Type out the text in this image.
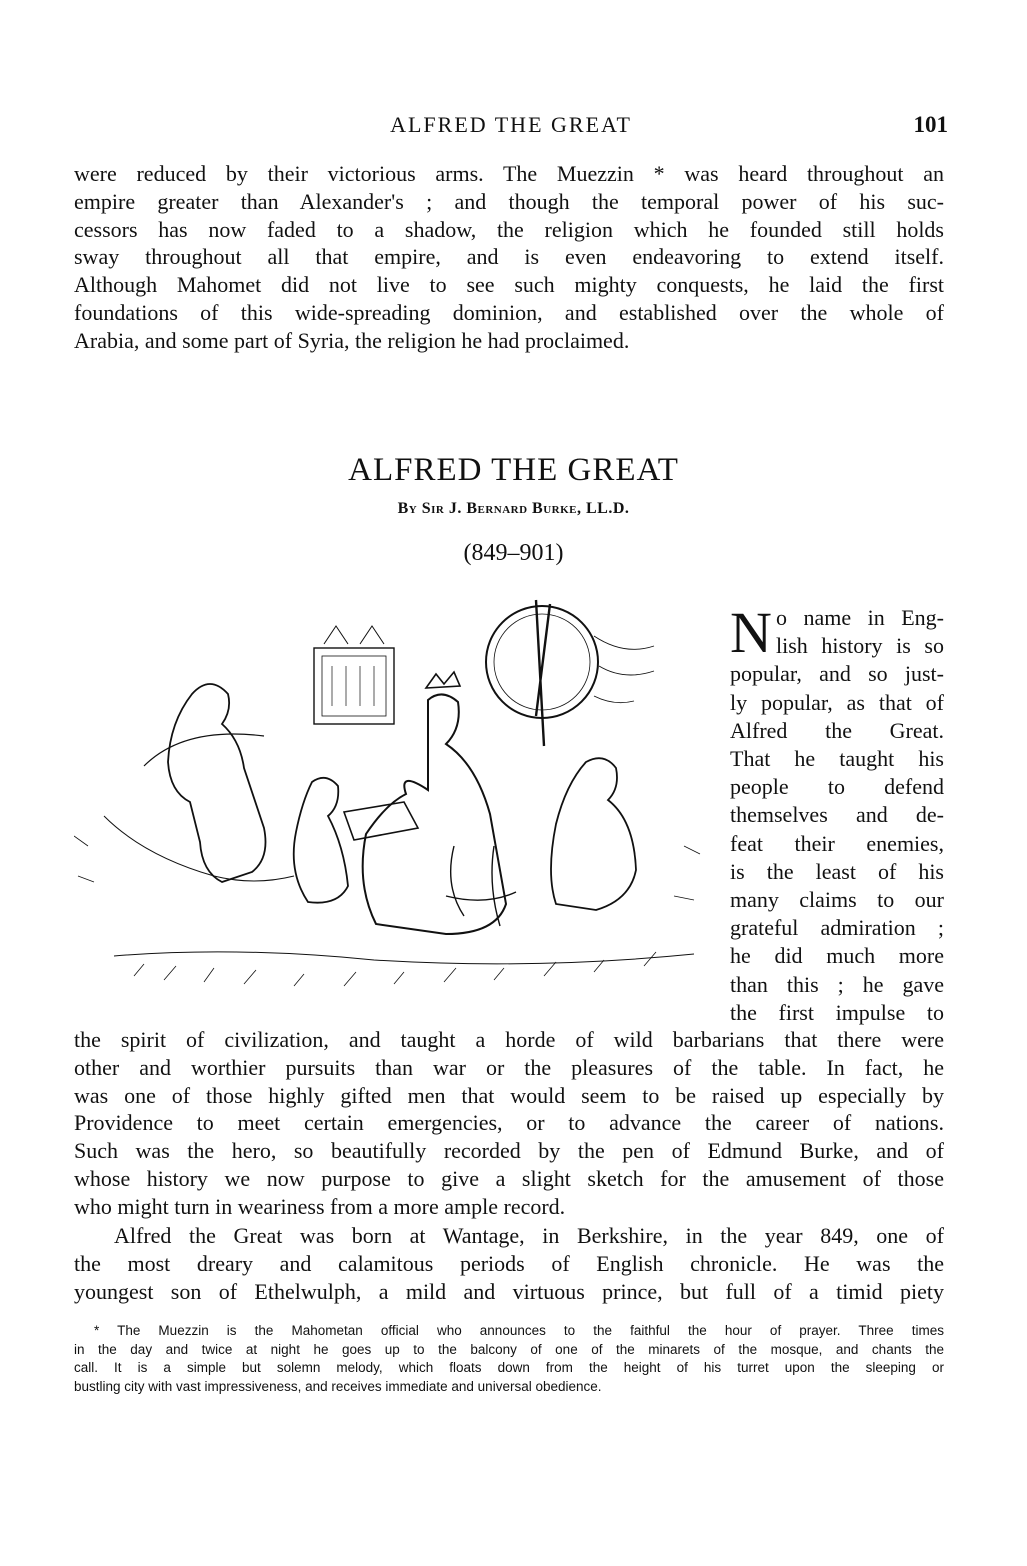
ALFRED THE GREAT	101

were reduced by their victorious arms. The Muezzin * was heard throughout an
empire greater than Alexander's ; and though the temporal power of his suc-
cessors has now faded to a shadow, the religion which he founded still holds
sway throughout all that empire, and is even endeavoring to extend itself.
Although Mahomet did not live to see such mighty conquests, he laid the first
foundations of this wide-spreading dominion, and established over the whole of
Arabia, and some part of Syria, the religion he had proclaimed.

ALFRED THE GREAT
By Sir J. Bernard Burke, LL.D.
(849–901)
N o name in Eng-
lish history is so
popular, and so just-
ly popular, as that of
Alfred the Great.
That he taught his
people to defend
themselves and de-
feat their enemies,
is the least of his
many claims to our
grateful admiration ;
he did much more
than this ; he gave
the first impulse to

the spirit of civilization, and taught a horde of wild barbarians that there were
other and worthier pursuits than war or the pleasures of the table. In fact, he
was one of those highly gifted men that would seem to be raised up especially by
Providence to meet certain emergencies, or to advance the career of nations.
Such was the hero, so beautifully recorded by the pen of Edmund Burke, and of
whose history we now purpose to give a slight sketch for the amusement of those
who might turn in weariness from a more ample record.

Alfred the Great was born at Wantage, in Berkshire, in the year 849, one of
the most dreary and calamitous periods of English chronicle. He was the
youngest son of Ethelwulph, a mild and virtuous prince, but full of a timid piety

* The Muezzin is the Mahometan official who announces to the faithful the hour of prayer. Three times
in the day and twice at night he goes up to the balcony of one of the minarets of the mosque, and chants the
call. It is a simple but solemn melody, which floats down from the height of his turret upon the sleeping or
bustling city with vast impressiveness, and receives immediate and universal obedience.
